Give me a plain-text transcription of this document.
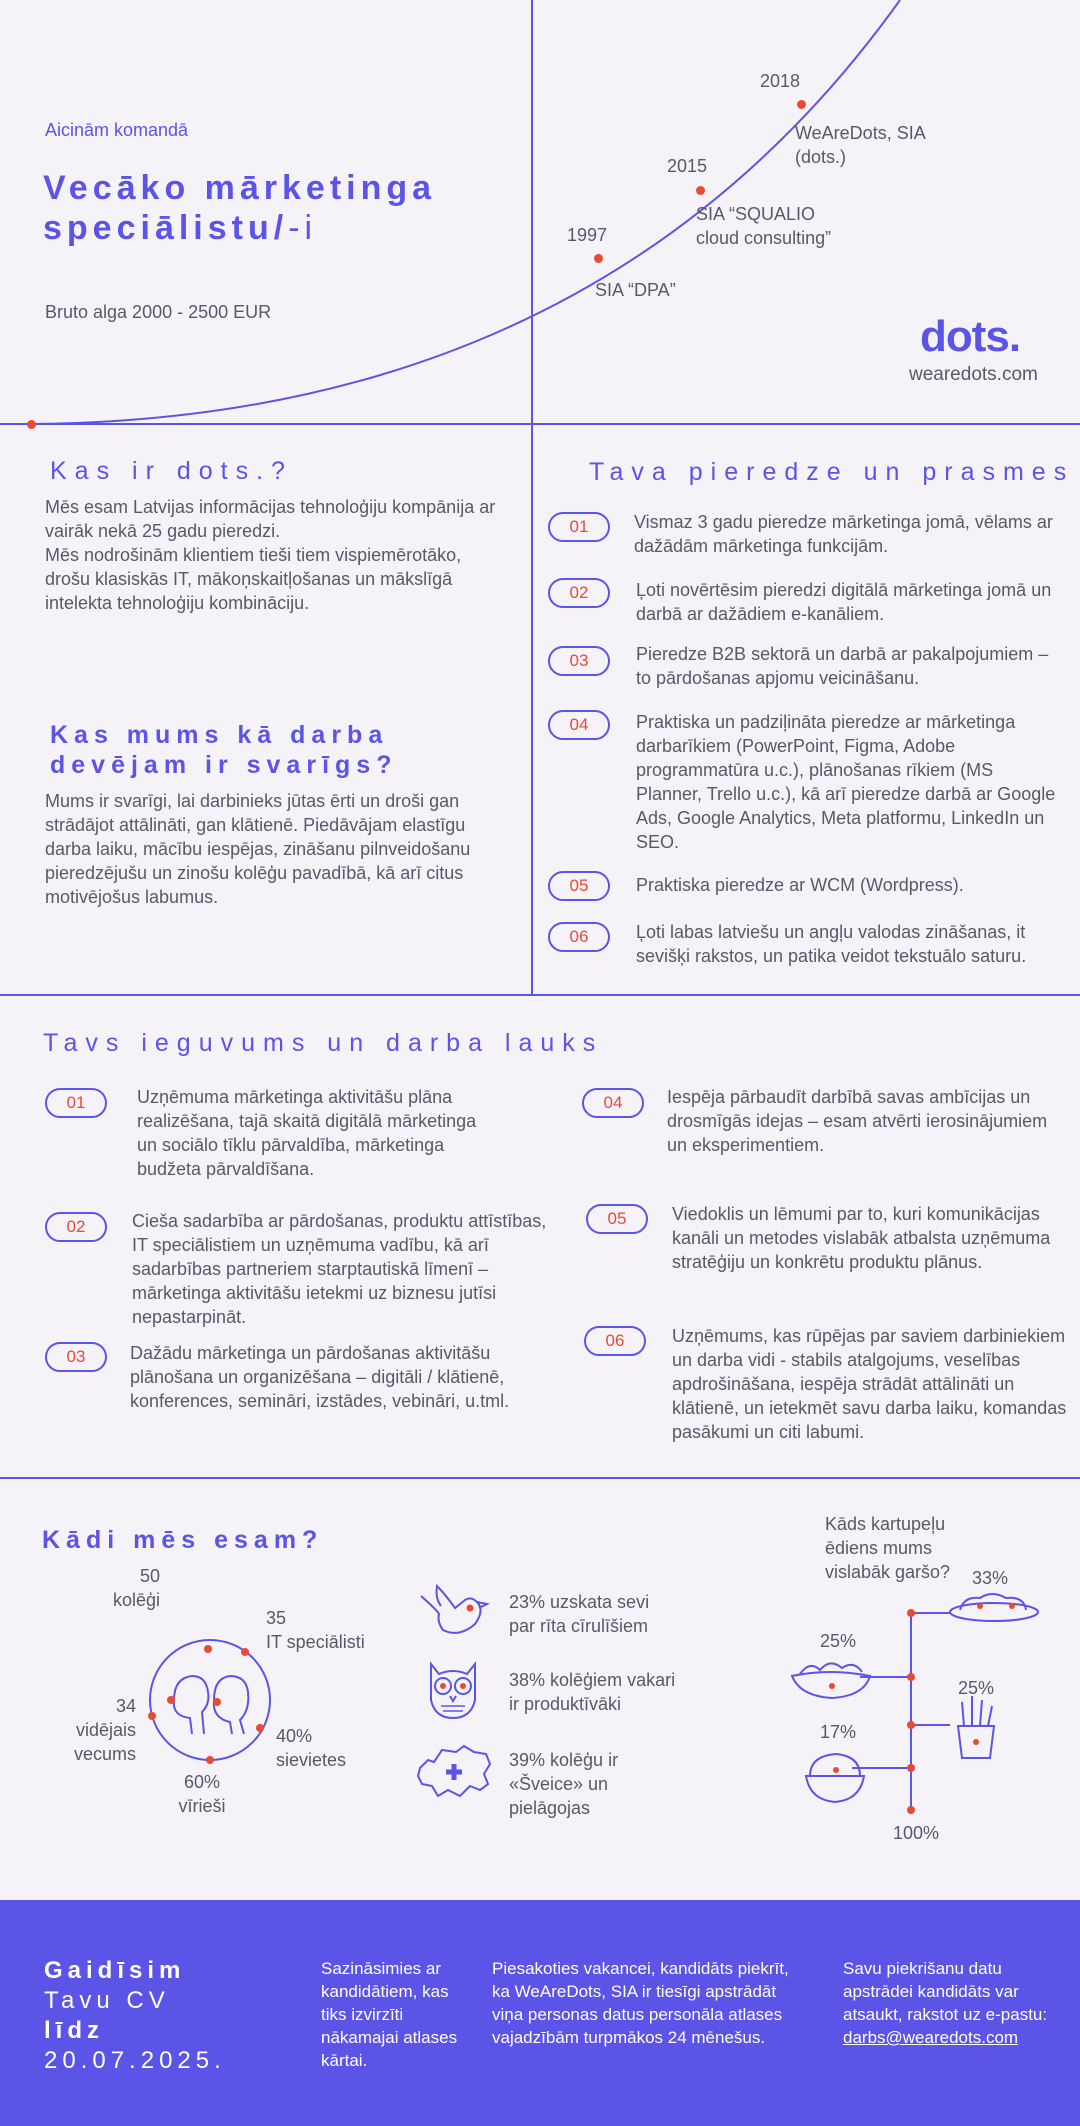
Aicinām komandā
Vecāko mārketinga
speciālistu/-i
Bruto alga 2000 - 2500 EUR
1997
SIA “DPA”
2015
SIA “SQUALIO
cloud consulting”
2018
WeAreDots, SIA
(dots.)
dots.
wearedots.com
Kas ir dots.?
Mēs esam Latvijas informācijas tehnoloģiju kompānija ar vairāk nekā 25 gadu pieredzi.
Mēs nodrošinām klientiem tieši tiem vispiemērotāko, drošu klasiskās IT, mākoņskaitļošanas un mākslīgā intelekta tehnoloģiju kombināciju.
Kas mums kā darba
devējam ir svarīgs?
Mums ir svarīgi, lai darbinieks jūtas ērti un droši gan strādājot attālināti, gan klātienē. Piedāvājam elastīgu darba laiku, mācību iespējas, zināšanu pilnveidošanu pieredzējušu un zinošu kolēģu pavadībā, kā arī citus motivējošus labumus.
Tava pieredze un prasmes
01	Vismaz 3 gadu pieredze mārketinga jomā, vēlams ar dažādām mārketinga funkcijām.
02	Ļoti novērtēsim pieredzi digitālā mārketinga jomā un darbā ar dažādiem e-kanāliem.
03	Pieredze B2B sektorā un darbā ar pakalpojumiem – to pārdošanas apjomu veicināšanu.
04	Praktiska un padziļināta pieredze ar mārketinga darbarīkiem (PowerPoint, Figma, Adobe programmatūra u.c.), plānošanas rīkiem (MS Planner, Trello u.c.), kā arī pieredze darbā ar Google Ads, Google Analytics, Meta platformu, LinkedIn un SEO.
05	Praktiska pieredze ar WCM (Wordpress).
06	Ļoti labas latviešu un angļu valodas zināšanas, it sevišķi rakstos, un patika veidot tekstuālo saturu.
Tavs ieguvums un darba lauks
01	Uzņēmuma mārketinga aktivitāšu plāna realizēšana, tajā skaitā digitālā mārketinga un sociālo tīklu pārvaldība, mārketinga budžeta pārvaldīšana.
02	Cieša sadarbība ar pārdošanas, produktu attīstības, IT speciālistiem un uzņēmuma vadību, kā arī sadarbības partneriem starptautiskā līmenī – mārketinga aktivitāšu ietekmi uz biznesu jutīsi nepastarpināt.
03	Dažādu mārketinga un pārdošanas aktivitāšu plānošana un organizēšana – digitāli / klātienē, konferences, semināri, izstādes, vebināri, u.tml.
04	Iespēja pārbaudīt darbībā savas ambīcijas un drosmīgās idejas – esam atvērti ierosinājumiem un eksperimentiem.
05	Viedoklis un lēmumi par to, kuri komunikācijas kanāli un metodes vislabāk atbalsta uzņēmuma stratēģiju un konkrētu produktu plānus.
06	Uzņēmums, kas rūpējas par saviem darbiniekiem un darba vidi - stabils atalgojums, veselības apdrošināšana, iespēja strādāt attālināti un klātienē, un ietekmēt savu darba laiku, komandas pasākumi un citi labumi.
Kādi mēs esam?
50
kolēģi
35
IT speciālisti
34
vidējais
vecums
40%
sievietes
60%
vīrieši
23% uzskata sevi
par rīta cīrulīšiem
38% kolēģiem vakari
ir produktīvāki
39% kolēģu ir
«Šveice» un
pielāgojas
Kāds kartupeļu
ēdiens mums
vislabāk garšo? 33%
25%
25%
17%
100%
Gaidīsim
Tavu CV
līdz
20.07.2025.
Sazināsimies ar kandidātiem, kas tiks izvirzīti nākamajai atlases kārtai.
Piesakoties vakancei, kandidāts piekrīt, ka WeAreDots, SIA ir tiesīgi apstrādāt viņa personas datus personāla atlases vajadzībām turpmākos 24 mēnešus.
Savu piekrišanu datu apstrādei kandidāts var atsaukt, rakstot uz e-pastu:
darbs@wearedots.com
